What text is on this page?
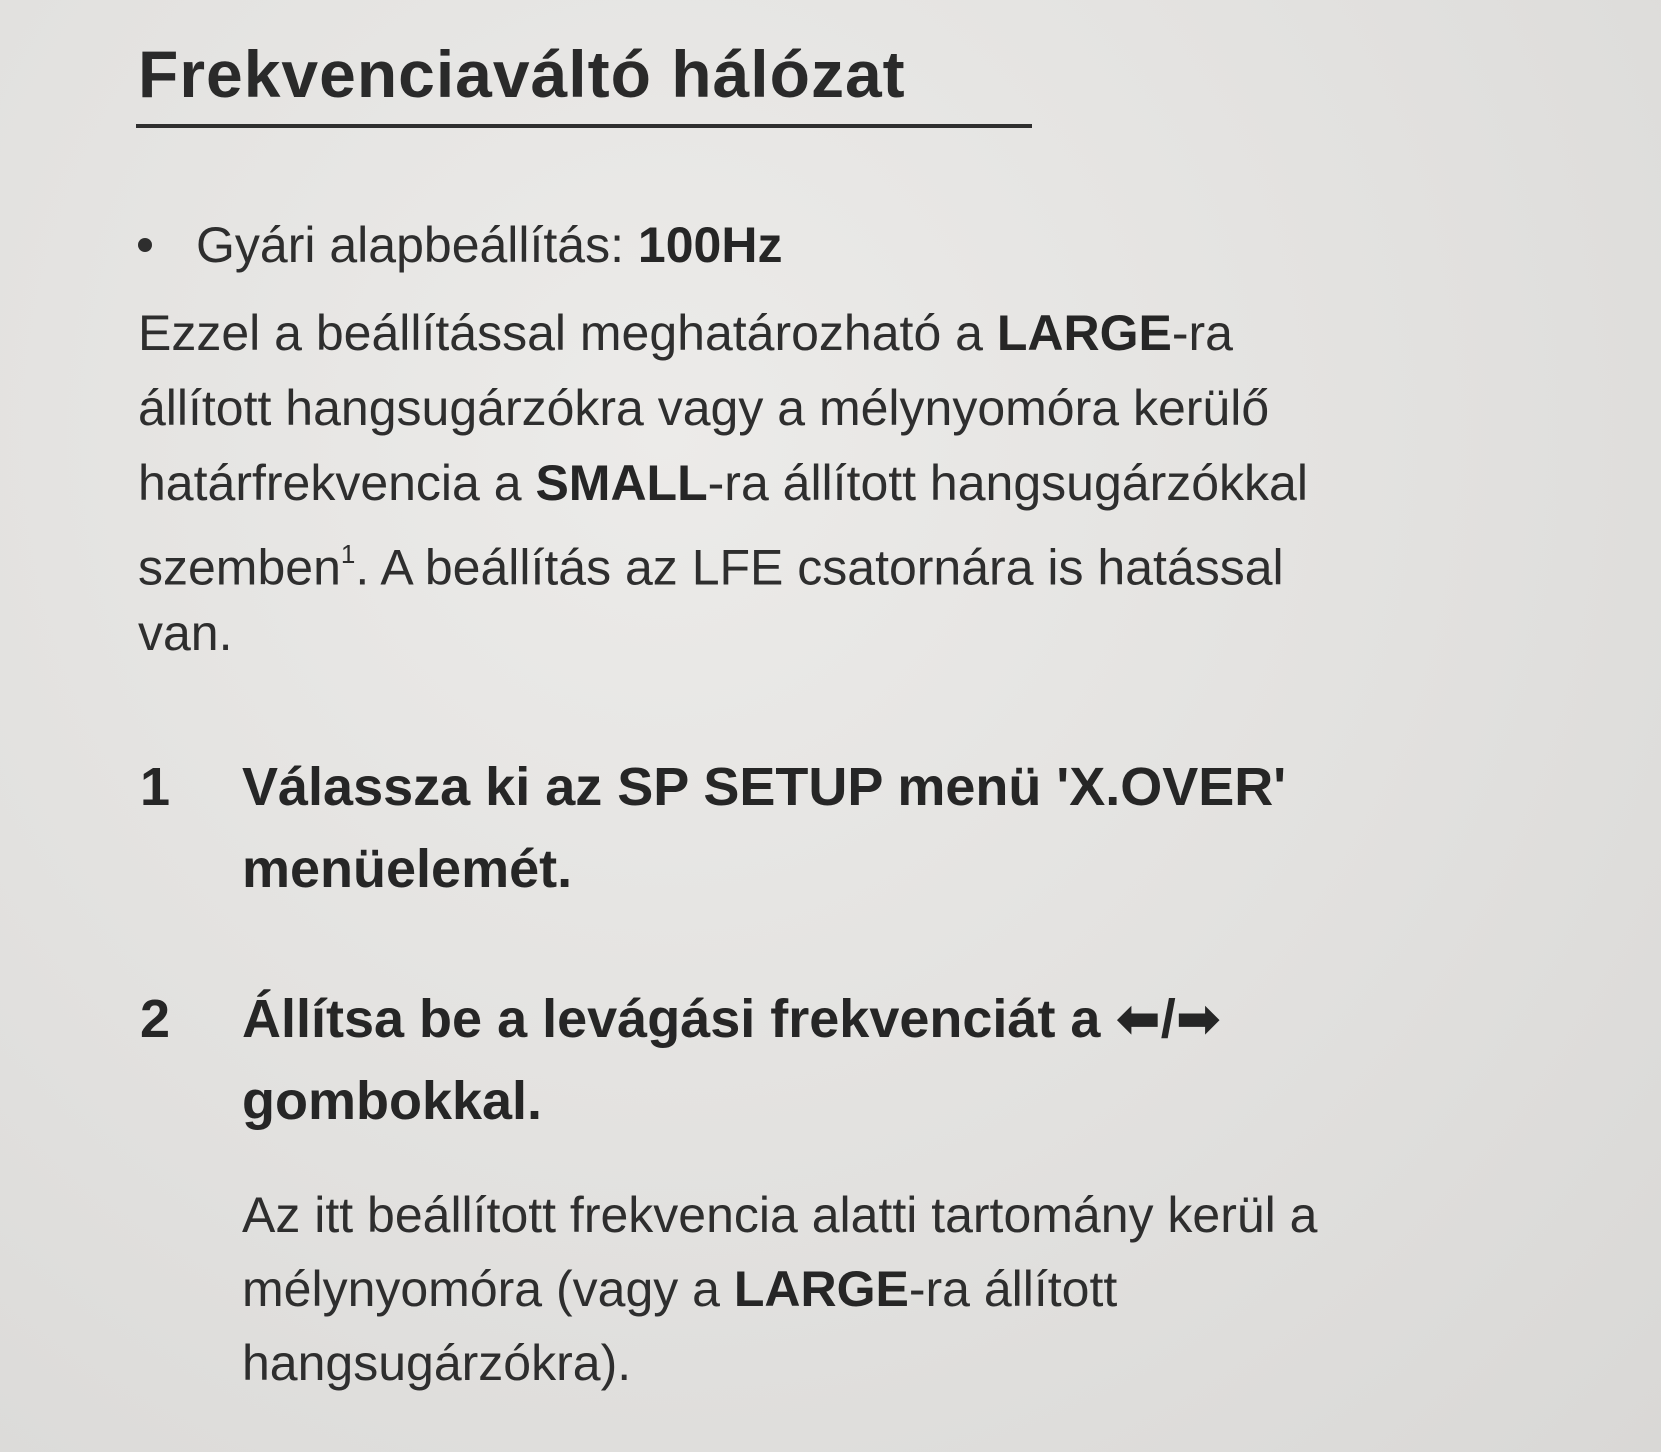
Frekvenciaváltó hálózat
Gyári alapbeállítás: 100Hz
Ezzel a beállítással meghatározható a LARGE-ra
állított hangsugárzókra vagy a mélynyomóra kerülő
határfrekvencia a SMALL-ra állított hangsugárzókkal
szemben$^1$. A beállítás az LFE csatornára is hatással
van.
1 Válassza ki az SP SETUP menü 'X.OVER'
menüelemét.
2 Állítsa be a levágási frekvenciát a ⬅/➡
gombokkal.
Az itt beállított frekvencia alatti tartomány kerül a
mélynyomóra (vagy a LARGE-ra állított
hangsugárzókra).
